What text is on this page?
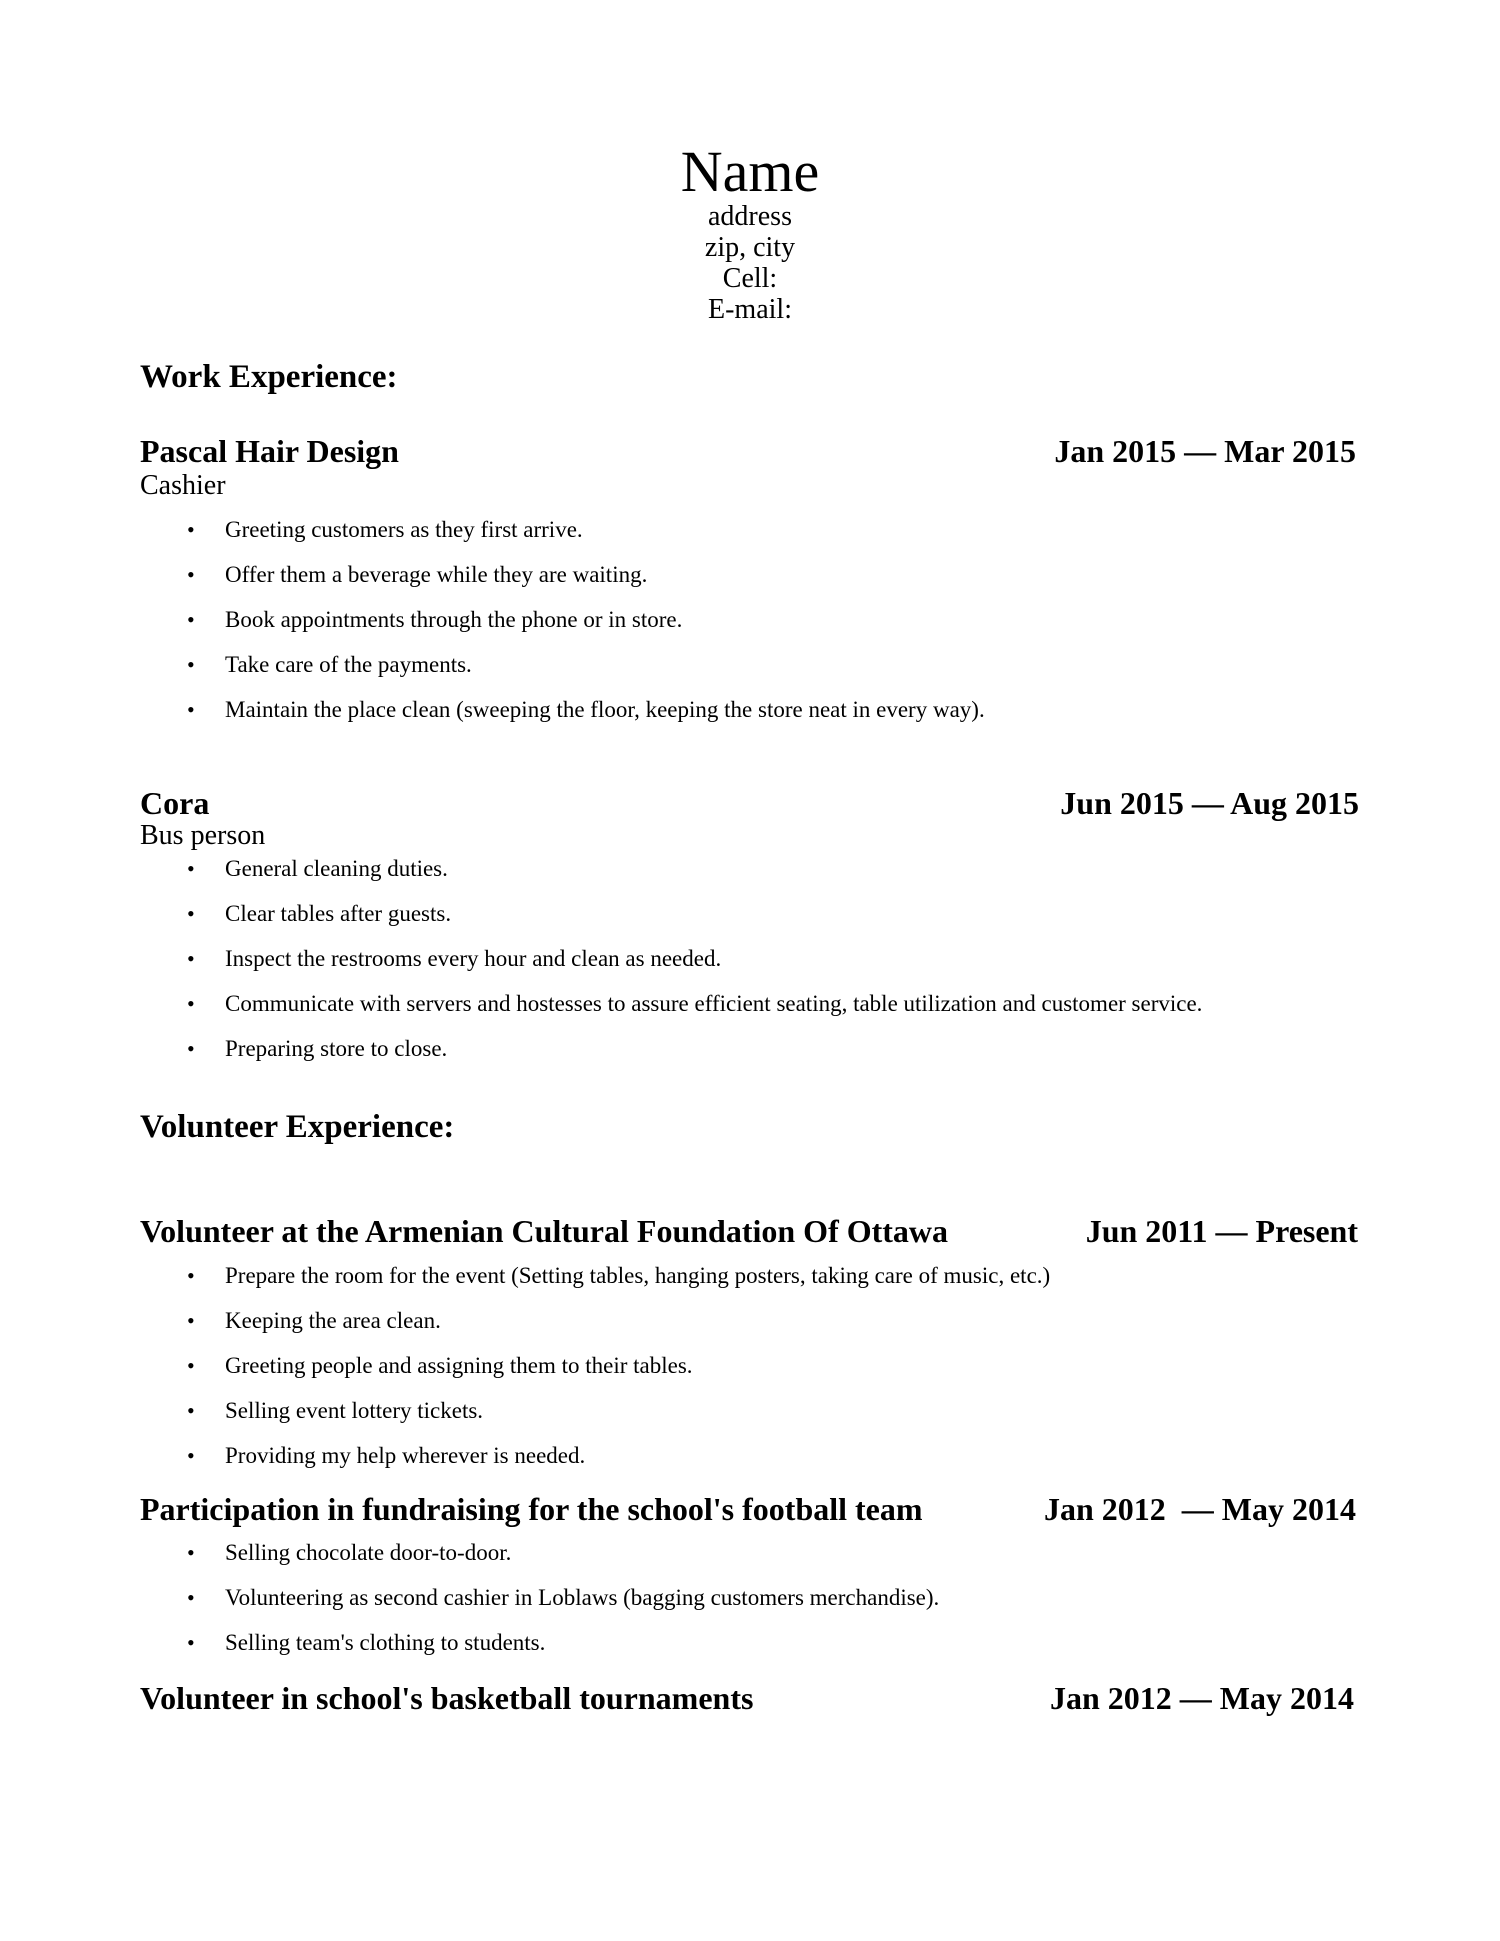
Name
address
zip, city
Cell:
E-mail:
Work Experience:
Pascal Hair Design	Jan 2015 — Mar 2015
Cashier
• Greeting customers as they first arrive.
• Offer them a beverage while they are waiting.
• Book appointments through the phone or in store.
• Take care of the payments.
• Maintain the place clean (sweeping the floor, keeping the store neat in every way).
Cora	Jun 2015 — Aug 2015
Bus person
• General cleaning duties.
• Clear tables after guests.
• Inspect the restrooms every hour and clean as needed.
• Communicate with servers and hostesses to assure efficient seating, table utilization and customer service.
• Preparing store to close.
Volunteer Experience:
Volunteer at the Armenian Cultural Foundation Of Ottawa	Jun 2011 — Present
• Prepare the room for the event (Setting tables, hanging posters, taking care of music, etc.)
• Keeping the area clean.
• Greeting people and assigning them to their tables.
• Selling event lottery tickets.
• Providing my help wherever is needed.
Participation in fundraising for the school's football team	Jan 2012  — May 2014
• Selling chocolate door-to-door.
• Volunteering as second cashier in Loblaws (bagging customers merchandise).
• Selling team's clothing to students.
Volunteer in school's basketball tournaments	Jan 2012 — May 2014
